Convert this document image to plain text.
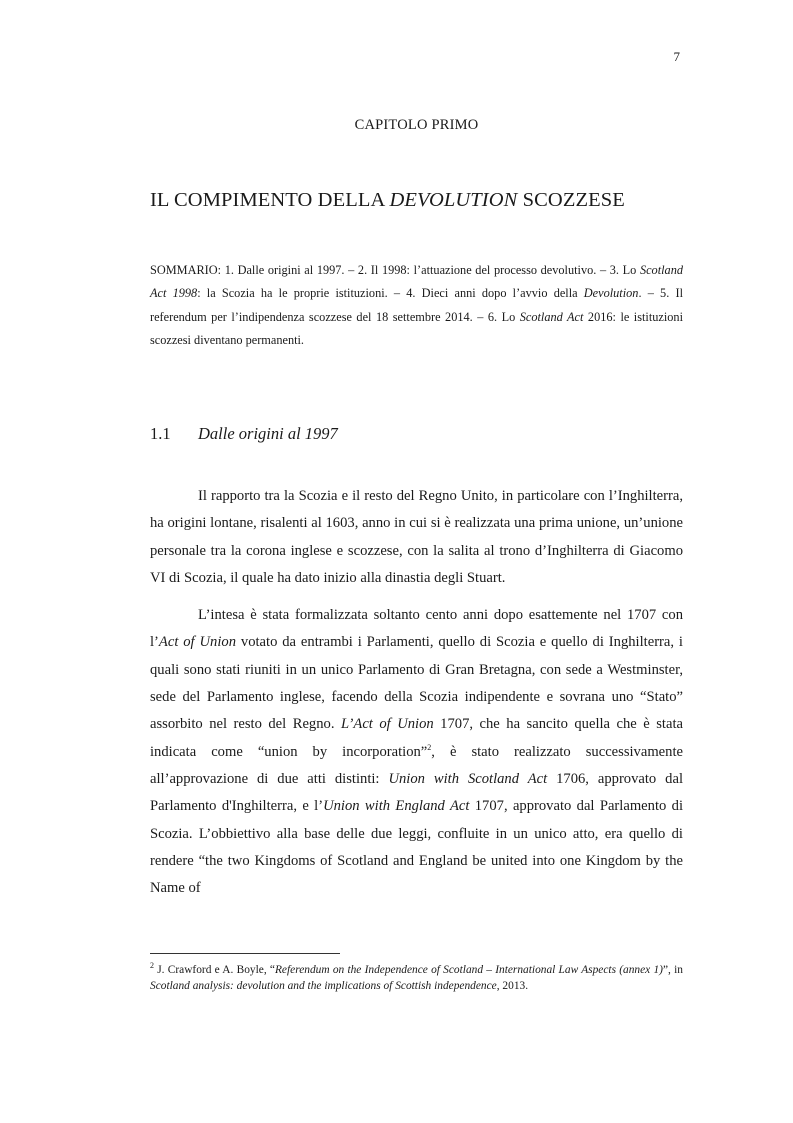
7
CAPITOLO PRIMO
IL COMPIMENTO DELLA DEVOLUTION SCOZZESE
SOMMARIO: 1. Dalle origini al 1997. – 2. Il 1998: l’attuazione del processo devolutivo. – 3. Lo Scotland Act 1998: la Scozia ha le proprie istituzioni. – 4. Dieci anni dopo l’avvio della Devolution. – 5. Il referendum per l’indipendenza scozzese del 18 settembre 2014. – 6. Lo Scotland Act 2016: le istituzioni scozzesi diventano permanenti.
1.1 Dalle origini al 1997

Il rapporto tra la Scozia e il resto del Regno Unito, in particolare con l’Inghilterra, ha origini lontane, risalenti al 1603, anno in cui si è realizzata una prima unione, un’unione personale tra la corona inglese e scozzese, con la salita al trono d’Inghilterra di Giacomo VI di Scozia, il quale ha dato inizio alla dinastia degli Stuart.

L’intesa è stata formalizzata soltanto cento anni dopo esattemente nel 1707 con l’Act of Union votato da entrambi i Parlamenti, quello di Scozia e quello di Inghilterra, i quali sono stati riuniti in un unico Parlamento di Gran Bretagna, con sede a Westminster, sede del Parlamento inglese, facendo della Scozia indipendente e sovrana uno “Stato” assorbito nel resto del Regno. L’Act of Union 1707, che ha sancito quella che è stata indicata come “union by incorporation”$^2$, è stato realizzato successivamente all’approvazione di due atti distinti: Union with Scotland Act 1706, approvato dal Parlamento d'Inghilterra, e l’Union with England Act 1707, approvato dal Parlamento di Scozia. L’obbiettivo alla base delle due leggi, confluite in un unico atto, era quello di rendere “the two Kingdoms of Scotland and England be united into one Kingdom by the Name of

$^2$ J. Crawford e A. Boyle, “Referendum on the Independence of Scotland – International Law Aspects (annex 1)”, in Scotland analysis: devolution and the implications of Scottish independence, 2013.
